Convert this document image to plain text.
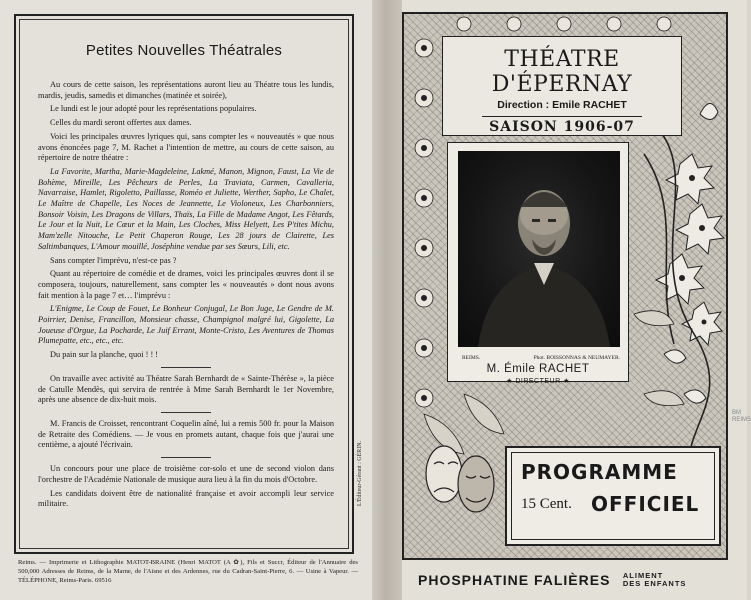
Petites Nouvelles Théatrales

Au cours de cette saison, les représentations auront lieu au Théatre tous les lundis, mardis, jeudis, samedis et dimanches (matinée et soirée),

Le lundi est le jour adopté pour les représentations populaires.

Celles du mardi seront offertes aux dames.

Voici les principales œuvres lyriques qui, sans compter les « nouveautés » que nous avons énoncées page 7, M. Rachet a l'intention de mettre, au cours de cette saison, au répertoire de notre théatre :

La Favorite, Martha, Marie-Magdeleine, Lakmé, Manon, Mignon, Faust, La Vie de Bohème, Mireille, Les Pêcheurs de Perles, La Traviata, Carmen, Cavalleria, Navarraise, Hamlet, Rigoletto, Paillasse, Roméo et Juliette, Werther, Sapho, Le Chalet, Le Maître de Chapelle, Les Noces de Jeannette, Le Violoneux, Les Charbonniers, Bonsoir Voisin, Les Dragons de Villars, Thaïs, La Fille de Madame Angot, Les Fêtards, Le Jour et la Nuit, Le Cœur et la Main, Les Cloches, Miss Helyett, Les P'tites Michu, Mam'zelle Nitouche, Le Petit Chaperon Rouge, Les 28 jours de Clairette, Les Saltimbanques, L'Amour mouillé, Joséphine vendue par ses Sœurs, Lili, etc.

Sans compter l'imprévu, n'est-ce pas ?

Quant au répertoire de comédie et de drames, voici les principales œuvres dont il se composera, toujours, naturellement, sans compter les « nouveautés » dont nous avons fait mention à la page 7 et… l'imprévu :

L'Enigme, Le Coup de Fouet, Le Bonheur Conjugal, Le Bon Juge, Le Gendre de M. Poirrier, Denise, Francillon, Monsieur chasse, Champignol malgré lui, Gigolette, La Joueuse d'Orgue, La Pocharde, Le Juif Errant, Monte-Cristo, Les Aventures de Thomas Plumepatte, etc., etc., etc.

Du pain sur la planche, quoi ! ! !

On travaille avec activité au Théatre Sarah Bernhardt de « Sainte-Thérèse », la pièce de Catulle Mendès, qui servira de rentrée à Mme Sarah Bernhardt le 1er Novembre, après une absence de dix-huit mois.

M. Francis de Croisset, rencontrant Coquelin aîné, lui a remis 500 fr. pour la Maison de Retraite des Comédiens. — Je vous en promets autant, chaque fois que j'aurai une centième, a ajouté l'écrivain.

Un concours pour une place de troisième cor-solo et une de second violon dans l'orchestre de l'Académie Nationale de musique aura lieu à la fin du mois d'Octobre.

Les candidats doivent être de nationalité française et avoir accompli leur service militaire.	L'Éditeur-Gérant : GÉRIN.
Reims. — Imprimerie et Lithographie MATOT-BRAINE (Henri MATOT (A ✿), Fils et Succr, Éditeur de l'Annuaire des 500,000 Adresses de Reims, de la Marne, de l'Aisne et des Ardennes, rue du Cadran-Saint-Pierre, 6. — Usine à Vapeur. — TÉLÉPHONE, Reims-Paris. 69516
THÉATRE D'ÉPERNAY
Direction : Emile RACHET
SAISON 1906-07
REIMS.	Phot. BOISSONNAS & NEUMAYER.
M. Émile RACHET
★ DIRECTEUR ★
PROGRAMME
15 Cent. OFFICIEL
BM
REIMS
PHOSPHATINE FALIÈRES ALIMENT
DES ENFANTS
